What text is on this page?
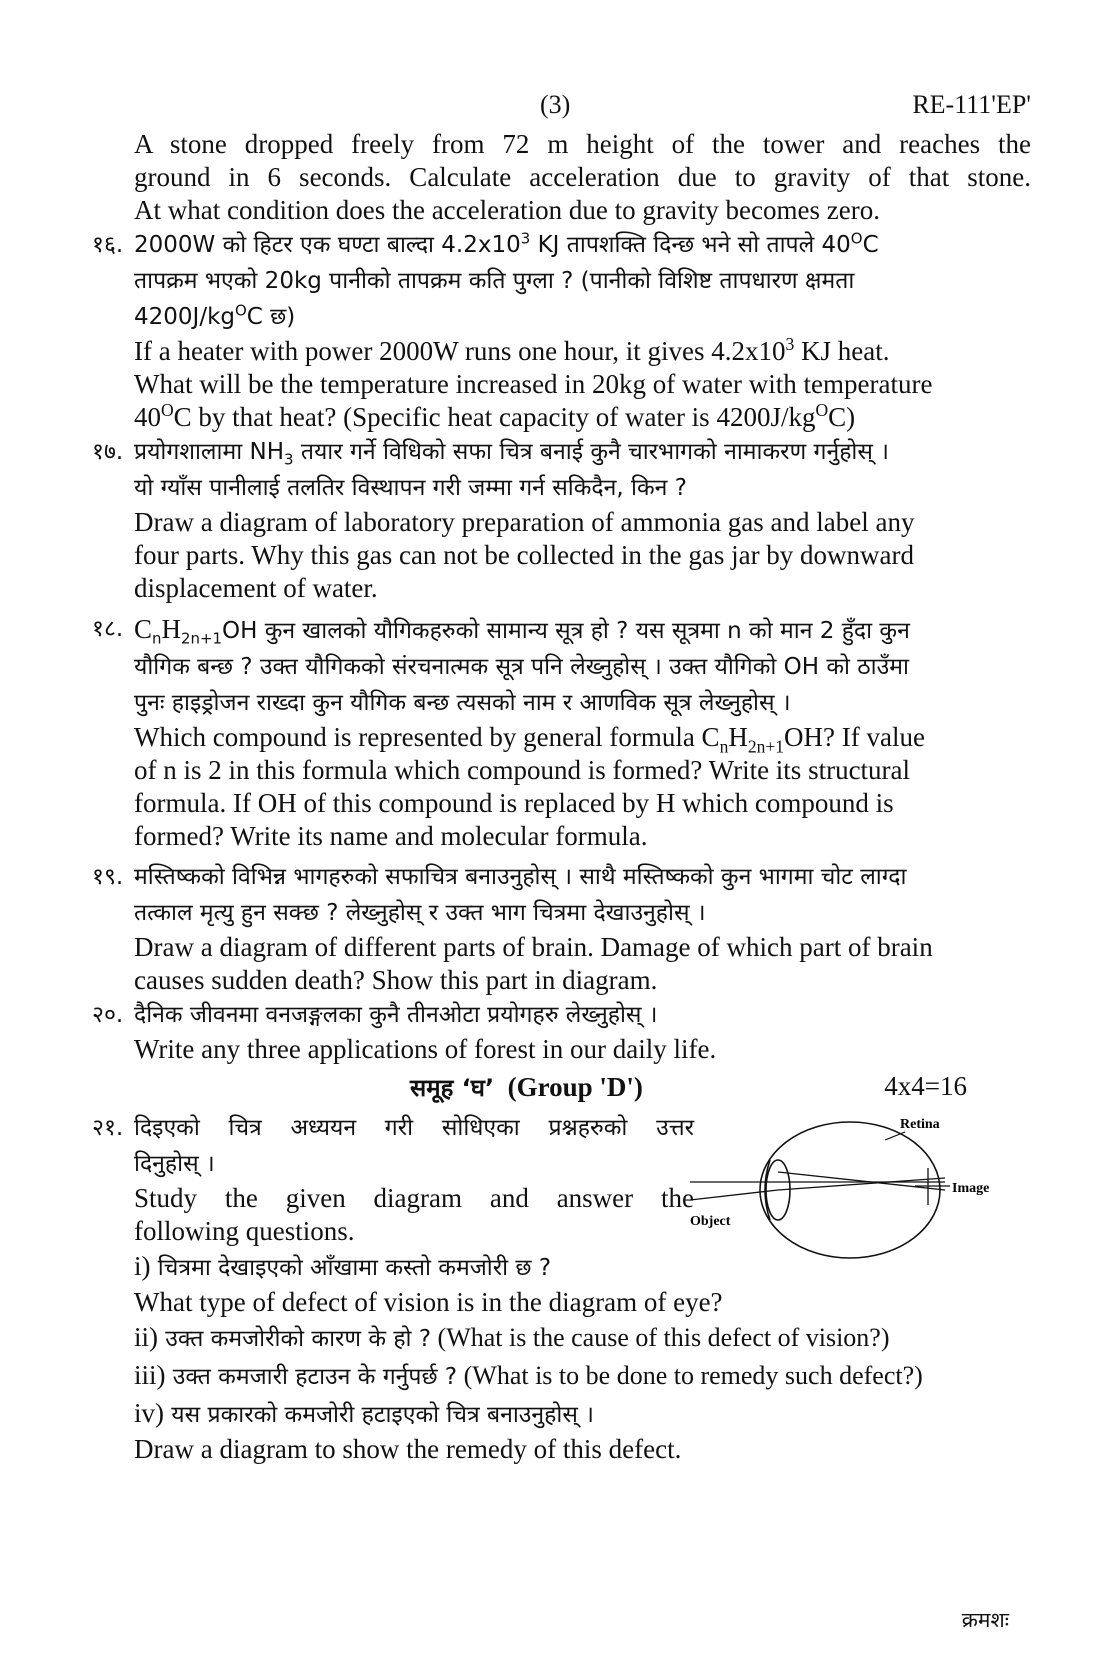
(3)	RE-111'EP'
A stone dropped freely from 72 m height of the tower and reaches the
ground in 6 seconds. Calculate acceleration due to gravity of that stone.
At what condition does the acceleration due to gravity becomes zero.
१६. 2000W को हिटर एक घण्टा बाल्दा $4.2x10^3$ KJ तापशक्ति दिन्छ भने सो तापले $40^OC$
तापक्रम भएको 20kg पानीको तापक्रम कति पुग्ला ? (पानीको विशिष्ट तापधारण क्षमता
$4200J/kg^OC$ छ)
If a heater with power 2000W runs one hour, it gives $4.2x10^3$ KJ heat.
What will be the temperature increased in 20kg of water with temperature
$40^OC$ by that heat? (Specific heat capacity of water is $4200J/kg^OC$)
१७. प्रयोगशालामा $NH_3$ तयार गर्ने विधिको सफा चित्र बनाई कुनै चारभागको नामाकरण गर्नुहोस् ।
यो ग्याँस पानीलाई तलतिर विस्थापन गरी जम्मा गर्न सकिदैन, किन ?
Draw a diagram of laboratory preparation of ammonia gas and label any
four parts. Why this gas can not be collected in the gas jar by downward
displacement of water.
१८. $C_nH_{2n+1}OH$ कुन खालको यौगिकहरुको सामान्य सूत्र हो ? यस सूत्रमा n को मान 2 हुँदा कुन
यौगिक बन्छ ? उक्त यौगिकको संरचनात्मक सूत्र पनि लेख्नुहोस् । उक्त यौगिको OH को ठाउँमा
पुनः हाइड्रोजन राख्दा कुन यौगिक बन्छ त्यसको नाम र आणविक सूत्र लेख्नुहोस् ।
Which compound is represented by general formula $C_nH_{2n+1}OH$? If value
of n is 2 in this formula which compound is formed? Write its structural
formula. If OH of this compound is replaced by H which compound is
formed? Write its name and molecular formula.
१९. मस्तिष्कको विभिन्न भागहरुको सफाचित्र बनाउनुहोस् । साथै मस्तिष्कको कुन भागमा चोट लाग्दा
तत्काल मृत्यु हुन सक्छ ? लेख्नुहोस् र उक्त भाग चित्रमा देखाउनुहोस् ।
Draw a diagram of different parts of brain. Damage of which part of brain
causes sudden death? Show this part in diagram.
२०. दैनिक जीवनमा वनजङ्गलका कुनै तीनओटा प्रयोगहरु लेख्नुहोस् ।
Write any three applications of forest in our daily life.
समूह ‘घ’ (Group 'D')	4x4=16
२१.	Retina
Image
Object
दिइएको चित्र अध्ययन गरी सोधिएका प्रश्नहरुको उत्तर
दिनुहोस् ।
Study the given diagram and answer the
following questions.
i) चित्रमा देखाइएको आँखामा कस्तो कमजोरी छ ?
What type of defect of vision is in the diagram of eye?
ii) उक्त कमजोरीको कारण के हो ? (What is the cause of this defect of vision?)
iii) उक्त कमजारी हटाउन के गर्नुपर्छ ? (What is to be done to remedy such defect?)
iv) यस प्रकारको कमजोरी हटाइएको चित्र बनाउनुहोस् ।
Draw a diagram to show the remedy of this defect.
क्रमशः
